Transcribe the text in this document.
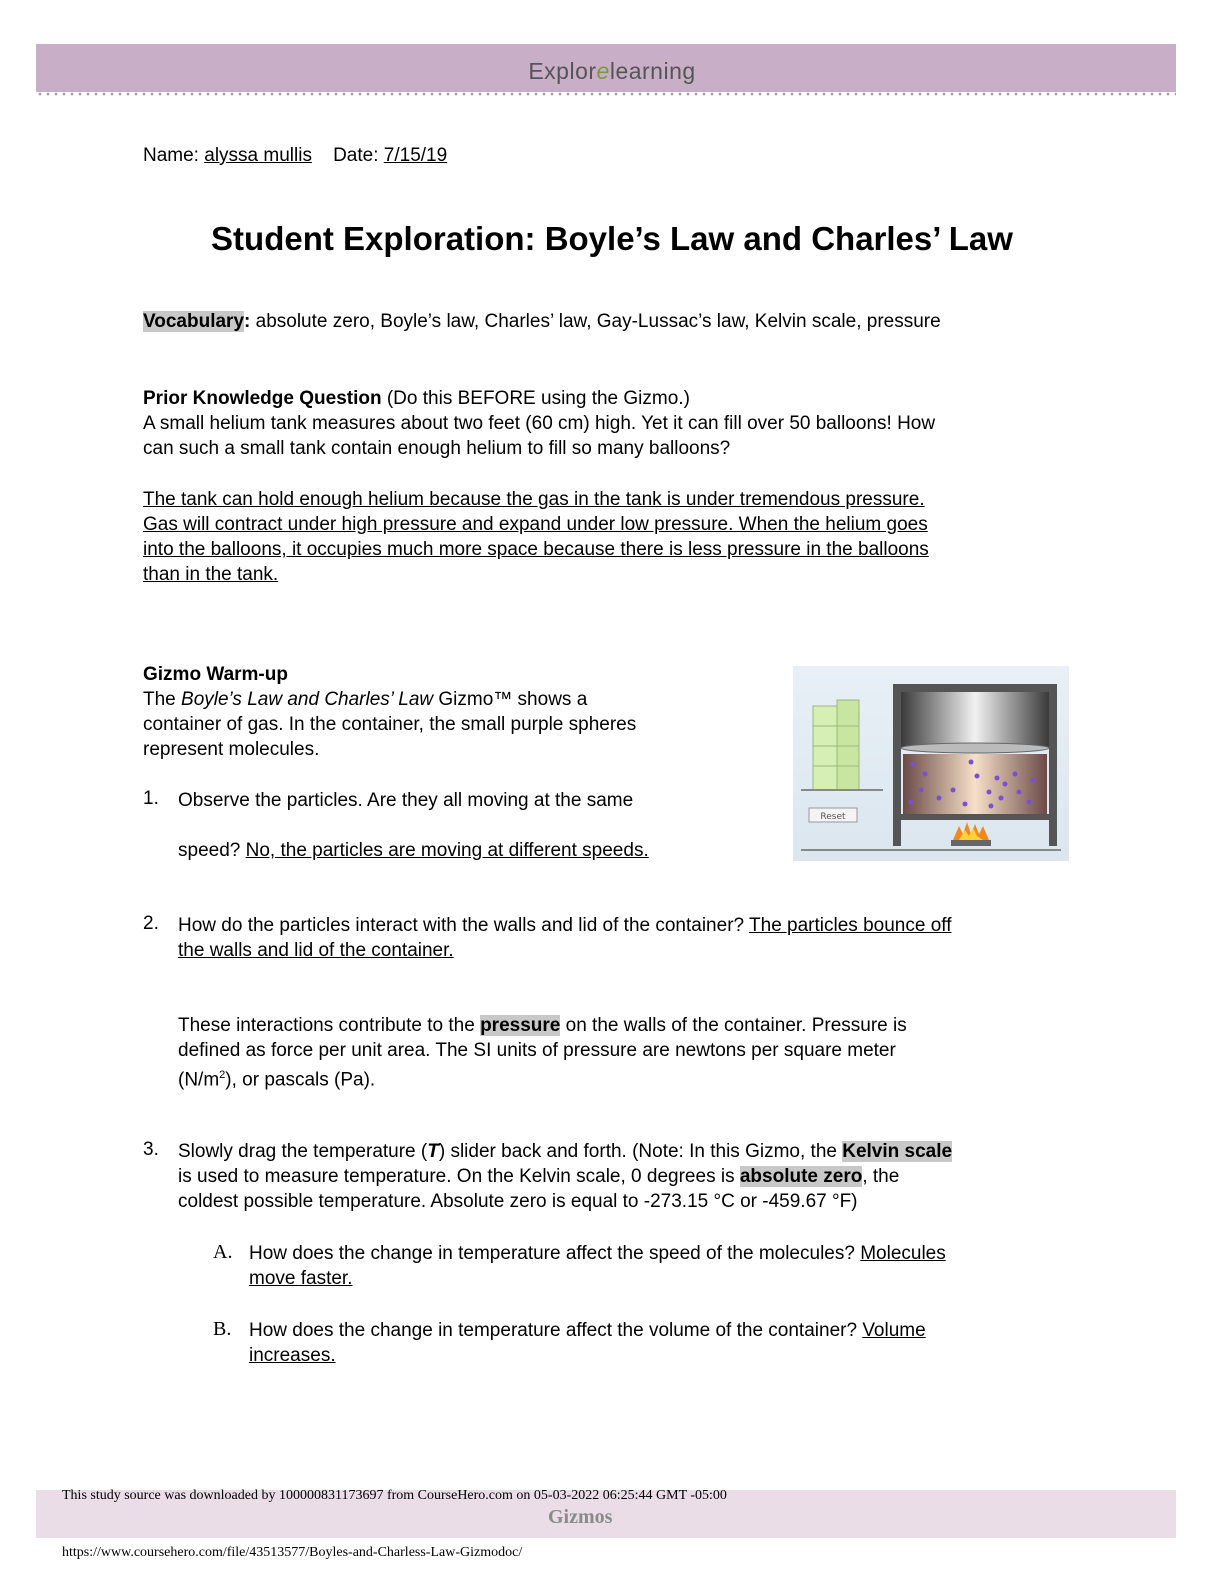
Explorelearning
Name: alyssa mullis Date: 7/15/19
Student Exploration: Boyle’s Law and Charles’ Law
Vocabulary: absolute zero, Boyle’s law, Charles’ law, Gay-Lussac’s law, Kelvin scale, pressure
Prior Knowledge Question (Do this BEFORE using the Gizmo.)
A small helium tank measures about two feet (60 cm) high. Yet it can fill over 50 balloons! How
can such a small tank contain enough helium to fill so many balloons?
The tank can hold enough helium because the gas in the tank is under tremendous pressure.
Gas will contract under high pressure and expand under low pressure. When the helium goes
into the balloons, it occupies much more space because there is less pressure in the balloons
than in the tank.
Gizmo Warm-up
The Boyle’s Law and Charles’ Law Gizmo™ shows a
container of gas. In the container, the small purple spheres
represent molecules.
Reset
1. Observe the particles. Are they all moving at the same
speed? No, the particles are moving at different speeds.
2. How do the particles interact with the walls and lid of the container? The particles bounce off
the walls and lid of the container.
These interactions contribute to the pressure on the walls of the container. Pressure is
defined as force per unit area. The SI units of pressure are newtons per square meter
$(N/m^2)$, or pascals (Pa).
3. Slowly drag the temperature (T) slider back and forth. (Note: In this Gizmo, the Kelvin scale
is used to measure temperature. On the Kelvin scale, 0 degrees is absolute zero, the
coldest possible temperature. Absolute zero is equal to -273.15 °C or -459.67 °F)
A. How does the change in temperature affect the speed of the molecules? Molecules
move faster.
B. How does the change in temperature affect the volume of the container? Volume
increases.
This study source was downloaded by 100000831173697 from CourseHero.com on 05-03-2022 06:25:44 GMT -05:00
Gizmos
https://www.coursehero.com/file/43513577/Boyles-and-Charless-Law-Gizmodoc/
